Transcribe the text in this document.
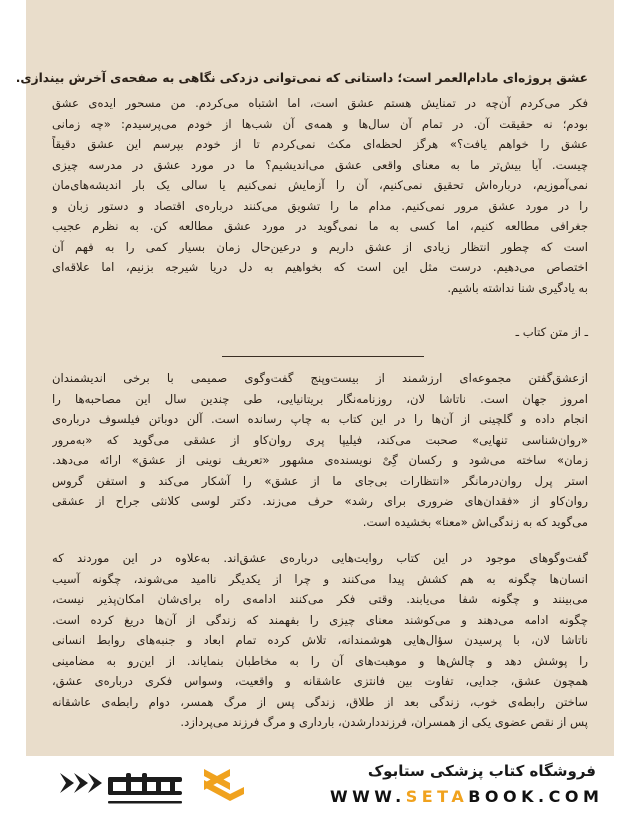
عشق پروژه‌ای مادام‌العمر است؛ داستانی که نمی‌توانی دزدکی نگاهی به صفحه‌ی آخرش بیندازی.
فکر می‌کردم آن‌چه در تمنایش هستم عشق است، اما اشتباه می‌کردم. من مسحور ایده‌ی عشق
بودم؛ نه حقیقت آن. در تمام آن سال‌ها و همه‌ی آن شب‌ها از خودم می‌پرسیدم: «چه زمانی
عشق را خواهم یافت؟» هرگز لحظه‌ای مکث نمی‌کردم تا از خودم بپرسم این عشق دقیقاً
چیست. آیا بیش‌تر ما به معنای واقعی عشق می‌اندیشیم؟ ما در مورد عشق در مدرسه چیزی
نمی‌آموزیم، درباره‌اش تحقیق نمی‌کنیم، آن را آزمایش نمی‌کنیم یا سالی یک بار اندیشه‌های‌مان
را در مورد عشق مرور نمی‌کنیم. مدام ما را تشویق می‌کنند درباره‌ی اقتصاد و دستور زبان و
جغرافی مطالعه کنیم، اما کسی به ما نمی‌گوید در مورد عشق مطالعه کن. به نظرم عجیب
است که چطور انتظار زیادی از عشق داریم و درعین‌حال زمان بسیار کمی را به فهم آن
اختصاص می‌دهیم. درست مثل این است که بخواهیم به دل دریا شیرجه بزنیم، اما علاقه‌ای
به یادگیری شنا نداشته باشیم.
ـ از متن کتاب ـ
ازعشق‌گفتن مجموعه‌ای ارزشمند از بیست‌وپنج گفت‌وگوی صمیمی با برخی اندیشمندان
امروز جهان است. ناتاشا لان، روزنامه‌نگار بریتانیایی، طی چندین سال این مصاحبه‌ها را
انجام داده و گلچینی از آن‌ها را در این کتاب به چاپ رسانده است. آلن دوباتن فیلسوف درباره‌ی
«روان‌شناسی تنهایی» صحبت می‌کند، فیلیپا پری روان‌کاو از عشقی می‌گوید که «به‌مرور
زمان» ساخته می‌شود و رکسان گِیْ نویسنده‌ی مشهور «تعریف نوینی از عشق» ارائه می‌دهد.
استر پرل روان‌درمانگر «انتظارات بی‌جای ما از عشق» را آشکار می‌کند و استفن گروس
روان‌کاو از «فقدان‌های ضروری برای رشد» حرف می‌زند. دکتر لوسی کلانثی جراح از عشقی
می‌گوید که به زندگی‌اش «معنا» بخشیده است.
گفت‌وگوهای موجود در این کتاب روایت‌هایی درباره‌ی عشق‌اند. به‌علاوه در این موردند که
انسان‌ها چگونه به هم کشش پیدا می‌کنند و چرا از یکدیگر ناامید می‌شوند، چگونه آسیب
می‌بینند و چگونه شفا می‌یابند. وقتی فکر می‌کنند ادامه‌ی راه برای‌شان امکان‌پذیر نیست،
چگونه ادامه می‌دهند و می‌کوشند معنای چیزی را بفهمند که زندگی از آن‌ها دریغ کرده است.
ناتاشا لان، با پرسیدن سؤال‌هایی هوشمندانه، تلاش کرده تمام ابعاد و جنبه‌های روابط انسانی
را پوشش دهد و چالش‌ها و موهبت‌های آن را به مخاطبان بنمایاند. از این‌رو به مضامینی
همچون عشق، جدایی، تفاوت بین فانتزی عاشقانه و واقعیت، وسواس فکری درباره‌ی عشق،
ساختن رابطه‌ی خوب، زندگی بعد از طلاق، زندگی پس از مرگ همسر، دوام رابطه‌ی عاشقانه
پس از نقص عضوی یکی از همسران، فرزنددارشدن، بارداری و مرگ فرزند می‌پردازد.
فروشگاه کتاب پزشکی ستابوک
WWW.SETABOOK.COM
